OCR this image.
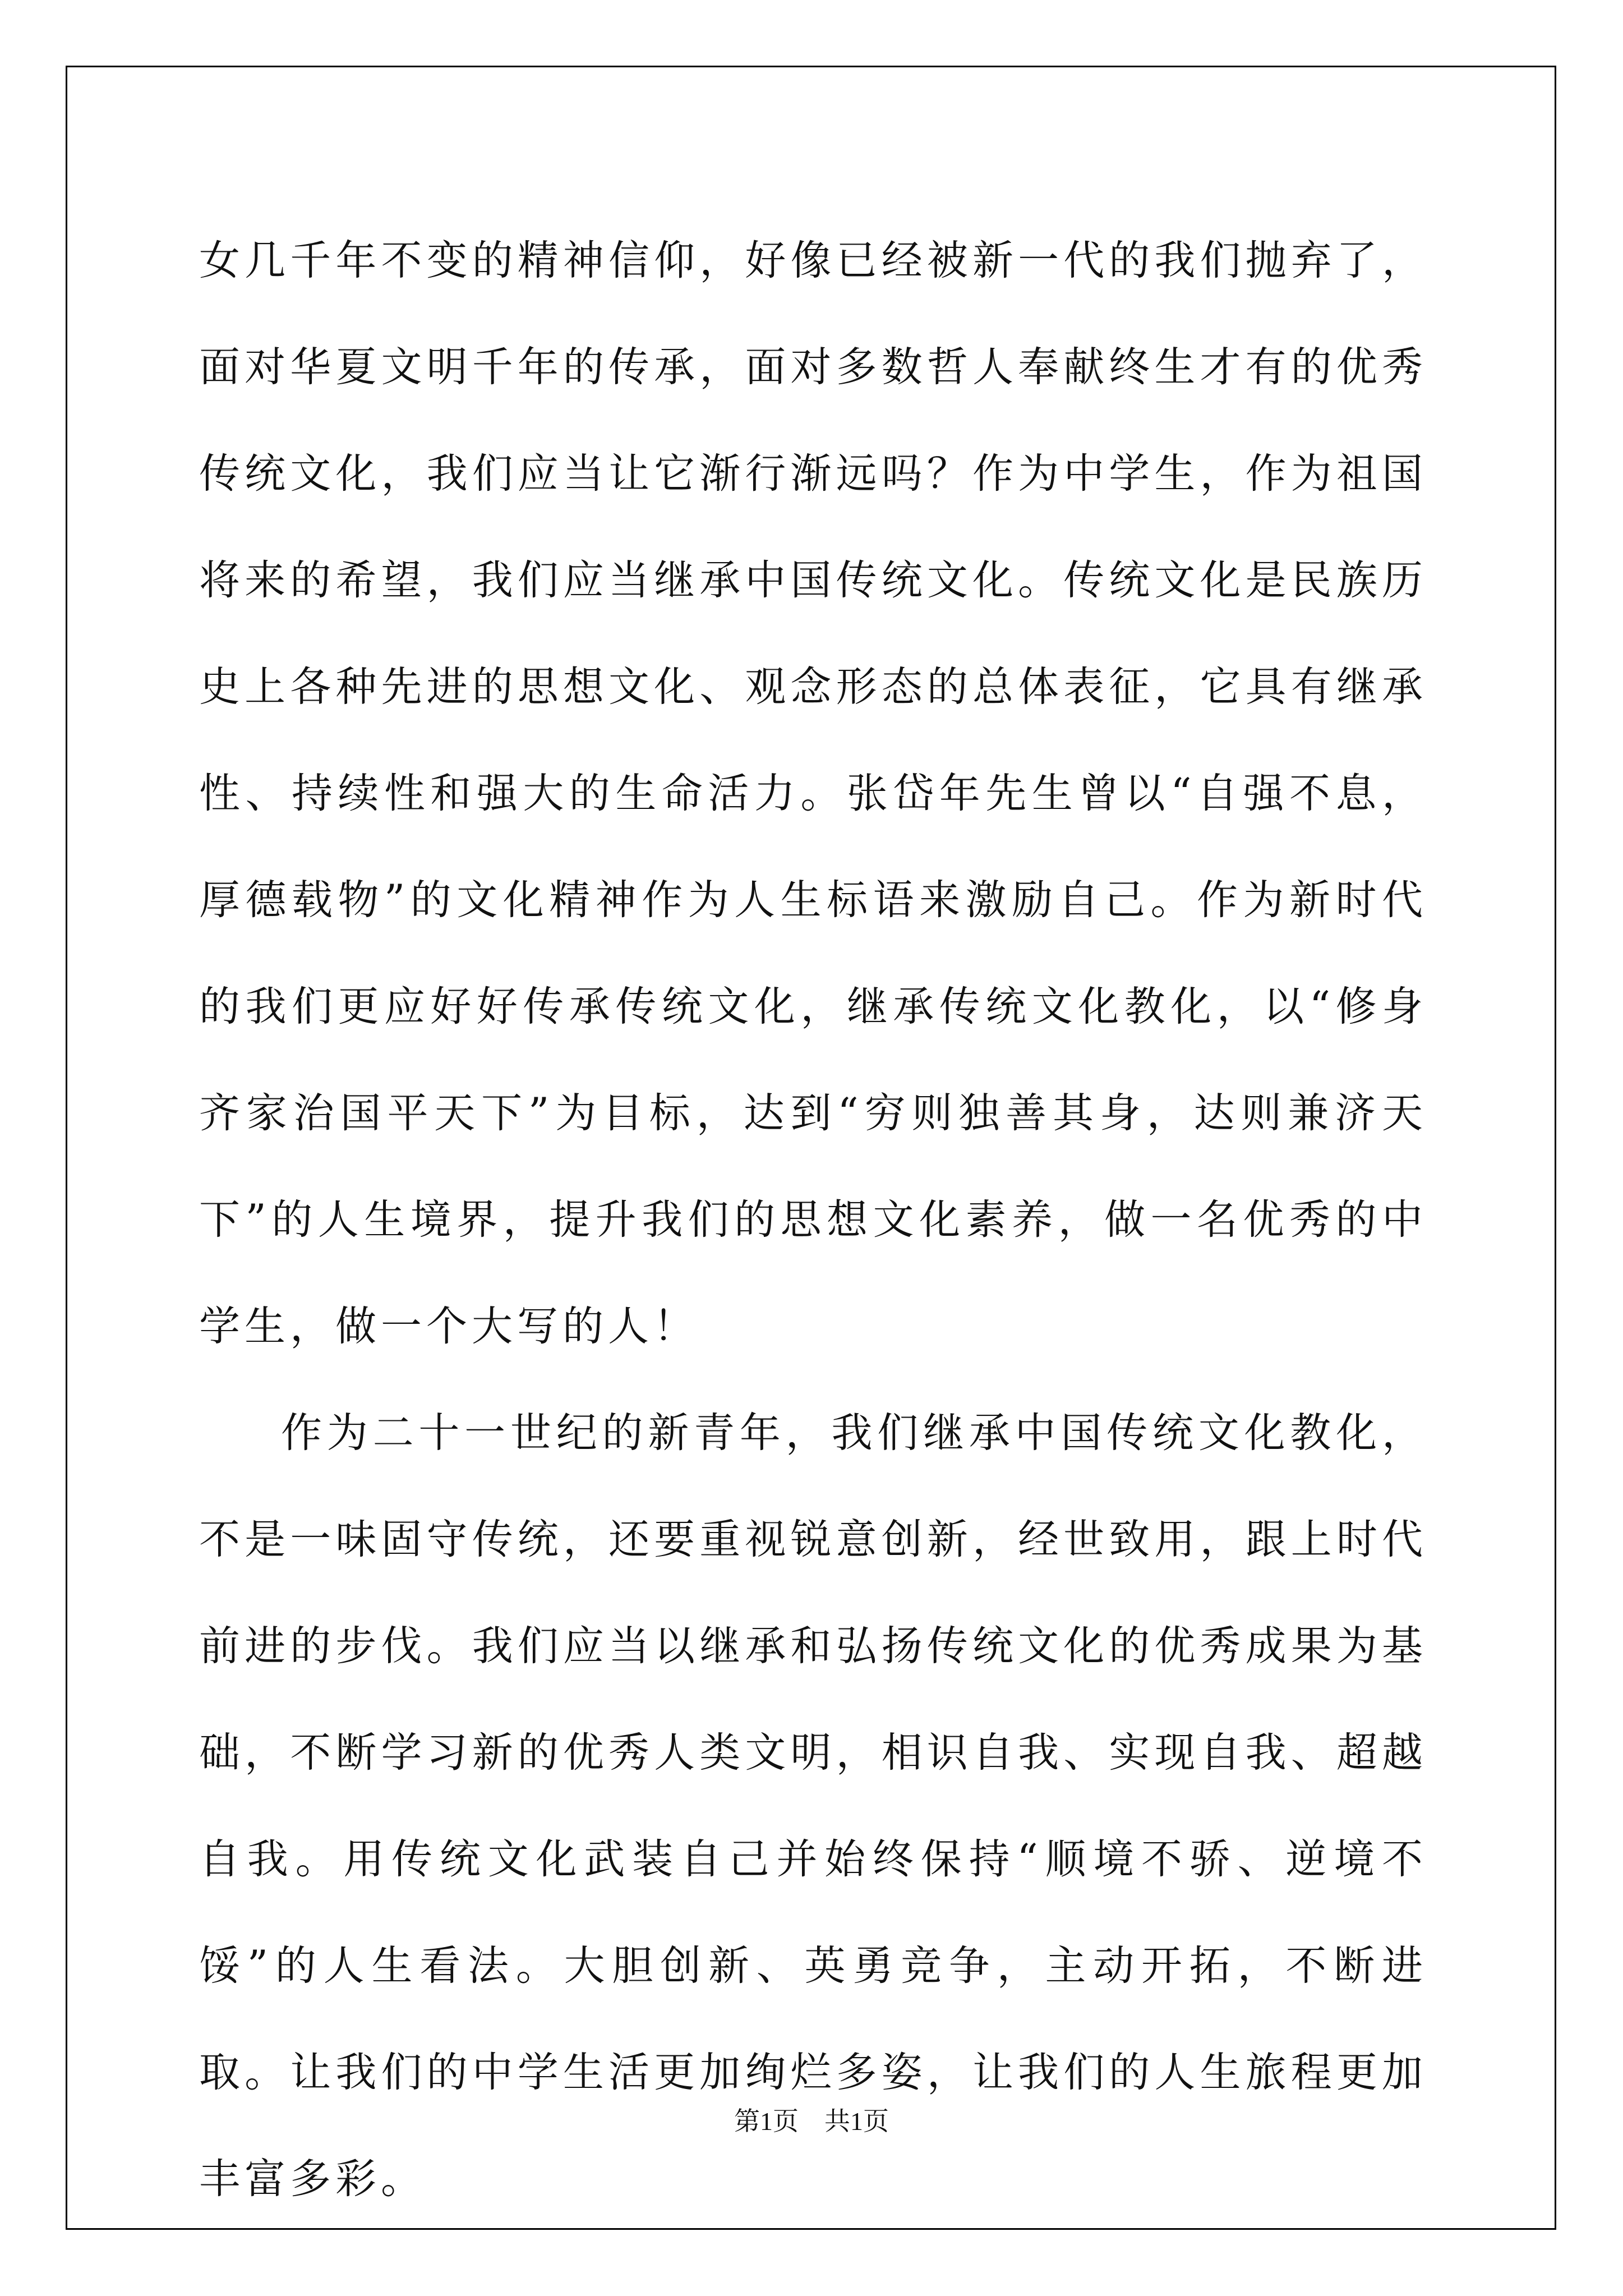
女几千年不变的精神信仰，好像已经被新一代的我们抛弃了，面对华夏文明千年的传承，面对多数哲人奉献终生才有的优秀传统文化，我们应当让它渐行渐远吗？作为中学生，作为祖国将来的希望，我们应当继承中国传统文化。传统文化是民族历史上各种先进的思想文化、观念形态的总体表征，它具有继承性、持续性和强大的生命活力。张岱年先生曾以“自强不息，厚德载物”的文化精神作为人生标语来激励自己。作为新时代的我们更应好好传承传统文化，继承传统文化教化，以“修身齐家治国平天下”为目标，达到“穷则独善其身，达则兼济天下”的人生境界，提升我们的思想文化素养，做一名优秀的中学生，做一个大写的人！

作为二十一世纪的新青年，我们继承中国传统文化教化，不是一味固守传统，还要重视锐意创新，经世致用，跟上时代前进的步伐。我们应当以继承和弘扬传统文化的优秀成果为基础，不断学习新的优秀人类文明，相识自我、实现自我、超越自我。用传统文化武装自己并始终保持“顺境不骄、逆境不馁”的人生看法。大胆创新、英勇竞争，主动开拓，不断进取。让我们的中学生活更加绚烂多姿，让我们的人生旅程更加丰富多彩。

第1页　共1页
